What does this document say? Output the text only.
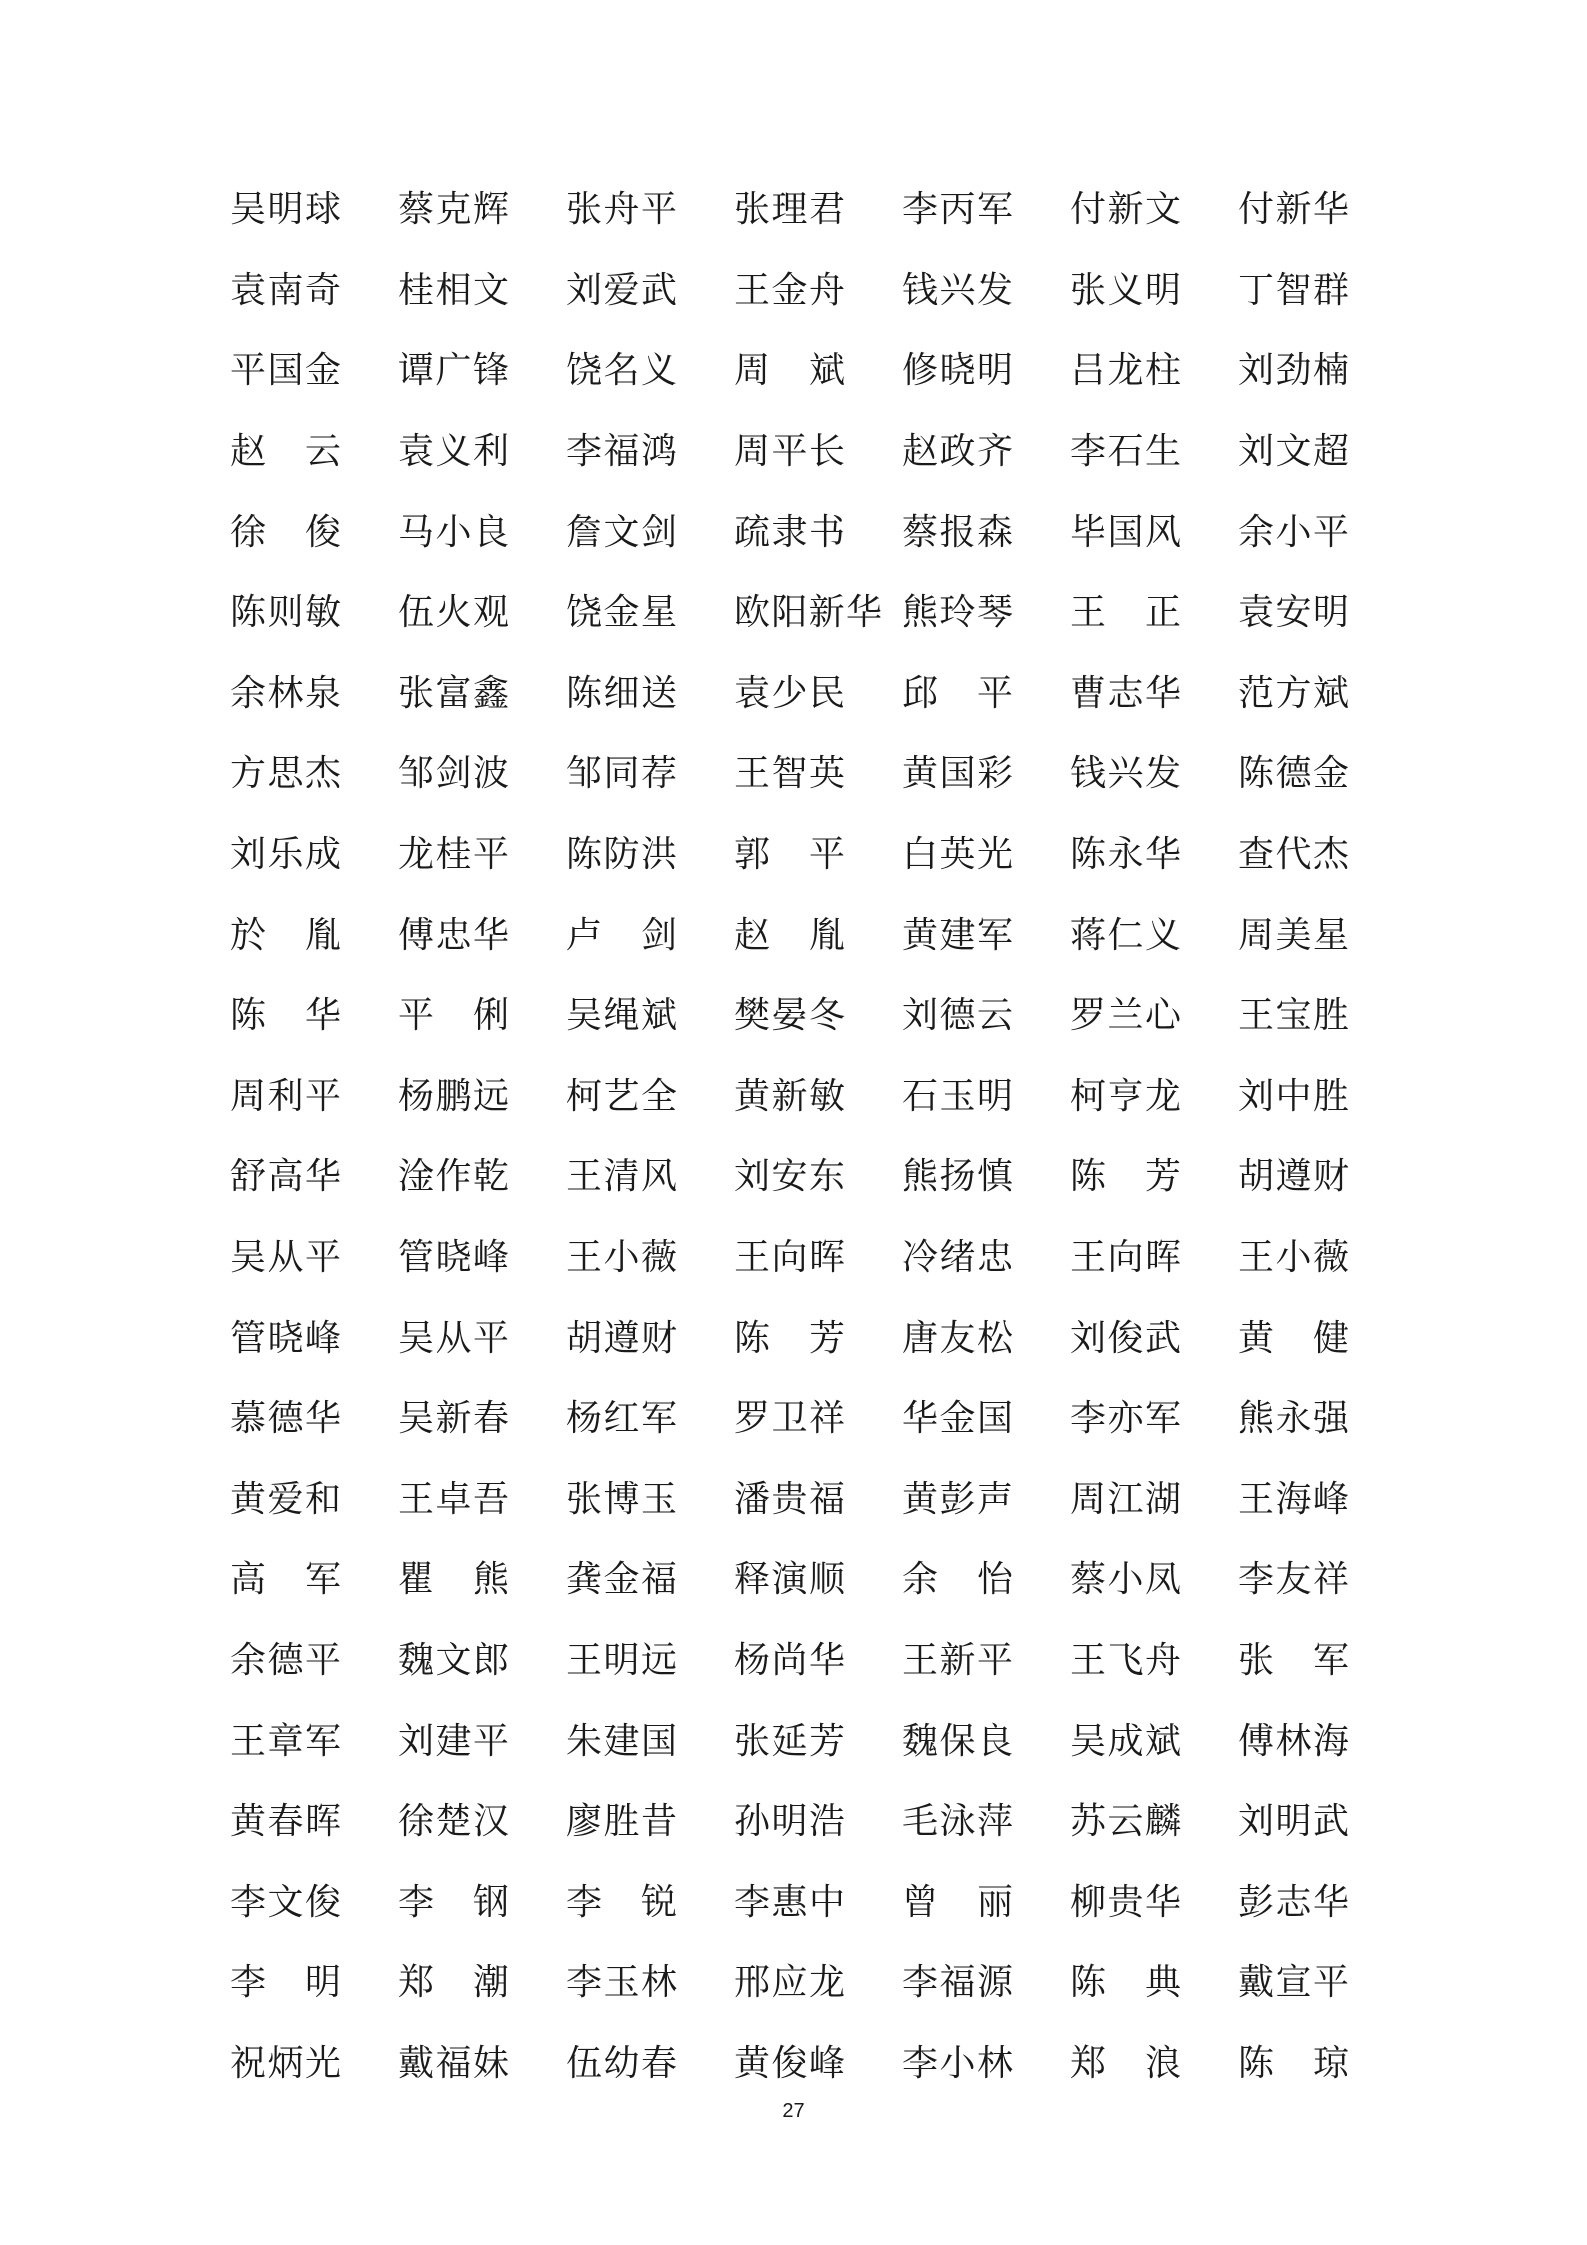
吴 明 球 蔡 克 辉 张 舟 平 张 理 君 李 丙 军 付 新 文 付 新 华
袁 南 奇 桂 相 文 刘 爱 武 王 金 舟 钱 兴 发 张 义 明 丁 智 群
平 国 金 谭 广 锋 饶 名 义 周 斌 修 晓 明 吕 龙 柱 刘 劲 楠
赵 云 袁 义 利 李 福 鸿 周 平 长 赵 政 齐 李 石 生 刘 文 超
徐 俊 马 小 良 詹 文 剑 疏 隶 书 蔡 报 森 毕 国 风 余 小 平
陈 则 敏 伍 火 观 饶 金 星 欧 阳 新 华 熊 玲 琴 王 正 袁 安 明
余 林 泉 张 富 鑫 陈 细 送 袁 少 民 邱 平 曹 志 华 范 方 斌
方 思 杰 邹 剑 波 邹 同 荐 王 智 英 黄 国 彩 钱 兴 发 陈 德 金
刘 乐 成 龙 桂 平 陈 防 洪 郭 平 白 英 光 陈 永 华 查 代 杰
於 胤 傅 忠 华 卢 剑 赵 胤 黄 建 军 蒋 仁 义 周 美 星
陈 华 平 俐 吴 绳 斌 樊 晏 冬 刘 德 云 罗 兰 心 王 宝 胜
周 利 平 杨 鹏 远 柯 艺 全 黄 新 敏 石 玉 明 柯 亨 龙 刘 中 胜
舒 高 华 淦 作 乾 王 清 风 刘 安 东 熊 扬 慎 陈 芳 胡 遵 财
吴 从 平 管 晓 峰 王 小 薇 王 向 晖 冷 绪 忠 王 向 晖 王 小 薇
管 晓 峰 吴 从 平 胡 遵 财 陈 芳 唐 友 松 刘 俊 武 黄 健
慕 德 华 吴 新 春 杨 红 军 罗 卫 祥 华 金 国 李 亦 军 熊 永 强
黄 爱 和 王 卓 吾 张 博 玉 潘 贵 福 黄 彭 声 周 江 湖 王 海 峰
高 军 瞿 熊 龚 金 福 释 演 顺 余 怡 蔡 小 凤 李 友 祥
余 德 平 魏 文 郎 王 明 远 杨 尚 华 王 新 平 王 飞 舟 张 军
王 章 军 刘 建 平 朱 建 国 张 延 芳 魏 保 良 吴 成 斌 傅 林 海
黄 春 晖 徐 楚 汉 廖 胜 昔 孙 明 浩 毛 泳 萍 苏 云 麟 刘 明 武
李 文 俊 李 钢 李 锐 李 惠 中 曾 丽 柳 贵 华 彭 志 华
李 明 郑 潮 李 玉 林 邢 应 龙 李 福 源 陈 典 戴 宣 平
祝 炳 光 戴 福 妹 伍 幼 春 黄 俊 峰 李 小 林 郑 浪 陈 琼
27
